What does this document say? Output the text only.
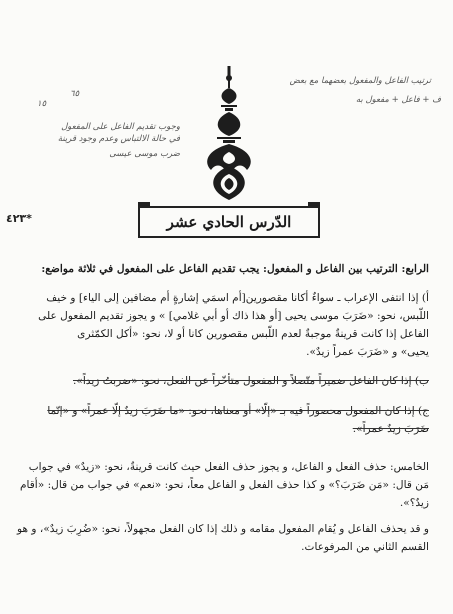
ترتيب الفاعل والمفعول بعضهما مع بعض
ف + فاعل + مفعول به
١٥
٦٥
وجوب تقديم الفاعل على المفعول
في حالة الالتباس وعدم وجود قرينة
ضرب موسى عيسى
٤٢٣*	الدّرس الحادي عشر
الرابع: الترتيب بين الفاعل و المفعول: يجب تقديم الفاعل على المفعول في ثلاثة مواضع:
أ) إذا انتفى الإعراب ـ سواءٌ أكانا مقصورين[أم اسمَي إشارةٍ أم مضافين إلى الياء] و خيف
اللّبس، نحو: «ضَرَبَ موسى يحيى [أو هذا ذاك أو أبي غلامي] » و يجوز تقديم المفعول على
الفاعل إذا كانت قرينةٌ موجبةٌ لعدم اللّبس مقصورين كانا أو لا، نحو: «أكل الكمّثرى
يحيى» و «ضَرَبَ عمراً زيدٌ».
ب) إذا كان الفاعل ضميراً متّصلاً و المفعول متأخّراً عن الفعل، نحو: «ضربتُ زيداً».
ج) إذا كان المفعول محصوراً فيه بـ «إلّا» أو معناها، نحو: «ما ضَرَبَ زيدٌ إلّا عمراً» و «إنّما
ضَرَبَ زيدٌ عمراً».
الخامس: حذف الفعل و الفاعل، و يجوز حذف الفعل حيث كانت قرينةٌ، نحو: «زيدٌ» في جواب
مَن قال: «مَن ضَرَبَ؟» و كذا حذف الفعل و الفاعل معاً، نحو: «نعم» في جواب من قال: «أقام
زيدٌ؟».
و قد يحذف الفاعل و يُقام المفعول مقامه و ذلك إذا كان الفعل مجهولاً، نحو: «ضُرِبَ زيدٌ»، و هو
القسم الثاني من المرفوعات.
